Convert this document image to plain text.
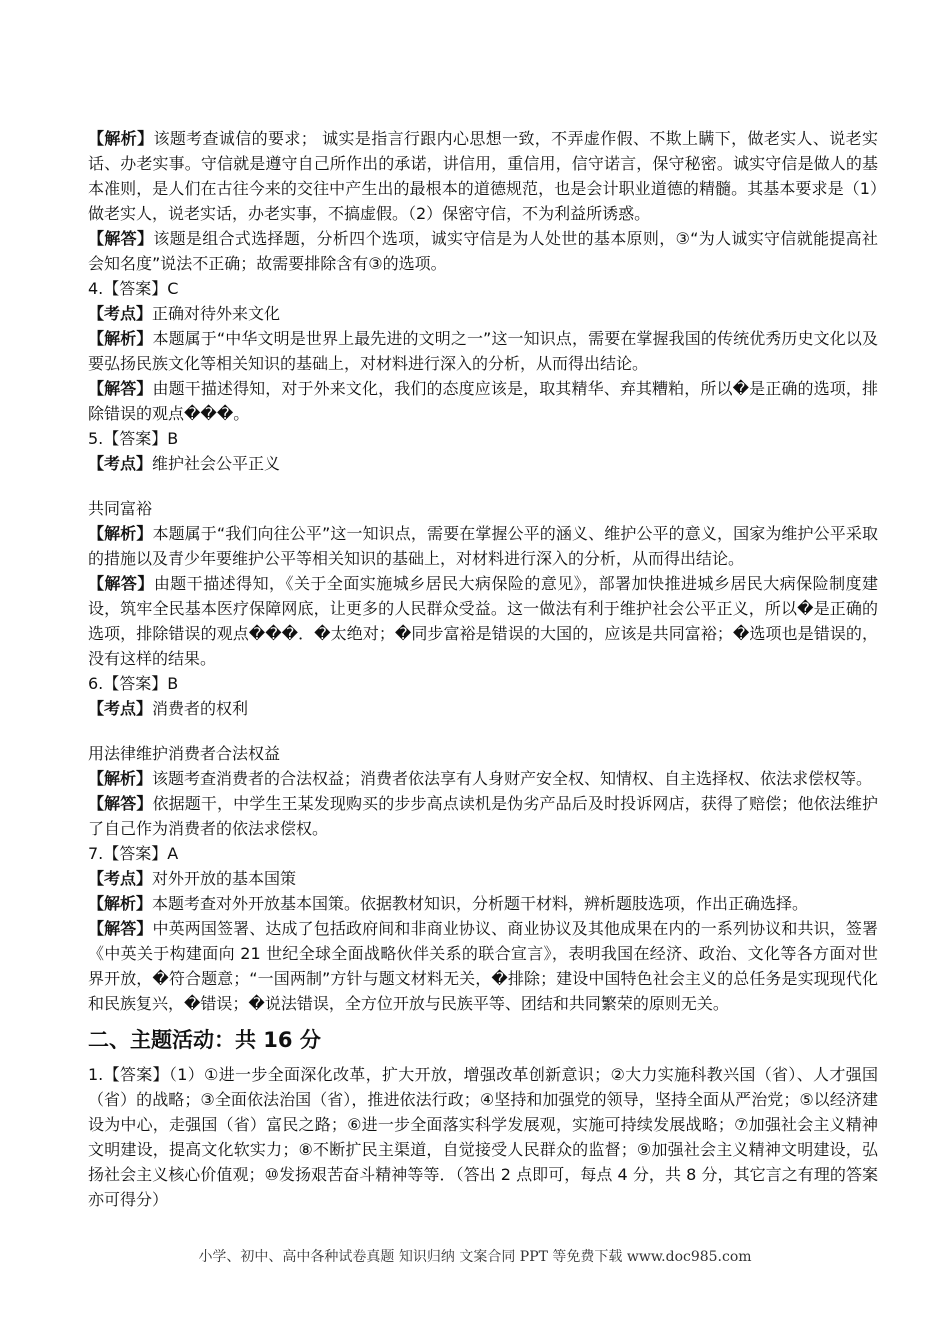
【解析】该题考查诚信的要求； 诚实是指言行跟内心思想一致，不弄虚作假、不欺上瞒下，做老实人、说老实话、办老实事。守信就是遵守自己所作出的承诺，讲信用，重信用，信守诺言，保守秘密。诚实守信是做人的基本准则，是人们在古往今来的交往中产生出的最根本的道德规范，也是会计职业道德的精髓。其基本要求是（1）做老实人，说老实话，办老实事，不搞虚假。（2）保密守信，不为利益所诱惑。

【解答】该题是组合式选择题，分析四个选项，诚实守信是为人处世的基本原则，③“为人诚实守信就能提高社会知名度”说法不正确；故需要排除含有③的选项。

4.【答案】C

【考点】正确对待外来文化

【解析】本题属于“中华文明是世界上最先进的文明之一”这一知识点，需要在掌握我国的传统优秀历史文化以及要弘扬民族文化等相关知识的基础上，对材料进行深入的分析，从而得出结论。

【解答】由题干描述得知，对于外来文化，我们的态度应该是，取其精华、弃其糟粕，所以�是正确的选项，排除错误的观点���。

5.【答案】B

【考点】维护社会公平正义

共同富裕

【解析】本题属于“我们向往公平”这一知识点，需要在掌握公平的涵义、维护公平的意义，国家为维护公平采取的措施以及青少年要维护公平等相关知识的基础上，对材料进行深入的分析，从而得出结论。

【解答】由题干描述得知，《关于全面实施城乡居民大病保险的意见》，部署加快推进城乡居民大病保险制度建设，筑牢全民基本医疗保障网底，让更多的人民群众受益。这一做法有利于维护社会公平正义，所以�是正确的选项，排除错误的观点���．�太绝对；�同步富裕是错误的大国的，应该是共同富裕；�选项也是错误的，没有这样的结果。

6.【答案】B

【考点】消费者的权利

用法律维护消费者合法权益

【解析】该题考查消费者的合法权益；消费者依法享有人身财产安全权、知情权、自主选择权、依法求偿权等。

【解答】依据题干，中学生王某发现购买的步步高点读机是伪劣产品后及时投诉网店，获得了赔偿；他依法维护了自己作为消费者的依法求偿权。

7.【答案】A

【考点】对外开放的基本国策

【解析】本题考查对外开放基本国策。依据教材知识，分析题干材料，辨析题肢选项，作出正确选择。

【解答】中英两国签署、达成了包括政府间和非商业协议、商业协议及其他成果在内的一系列协议和共识，签署《中英关于构建面向 21 世纪全球全面战略伙伴关系的联合宣言》，表明我国在经济、政治、文化等各方面对世界开放，�符合题意；“一国两制”方针与题文材料无关，�排除；建设中国特色社会主义的总任务是实现现代化和民族复兴，�错误；�说法错误，全方位开放与民族平等、团结和共同繁荣的原则无关。

二、主题活动：共 16 分

1.【答案】（1）①进一步全面深化改革，扩大开放，增强改革创新意识；②大力实施科教兴国（省）、人才强国（省）的战略；③全面依法治国（省），推进依法行政；④坚持和加强党的领导，坚持全面从严治党；⑤以经济建设为中心，走强国（省）富民之路；⑥进一步全面落实科学发展观，实施可持续发展战略；⑦加强社会主义精神文明建设，提高文化软实力；⑧不断扩民主渠道，自觉接受人民群众的监督；⑨加强社会主义精神文明建设，弘扬社会主义核心价值观；⑩发扬艰苦奋斗精神等等．（答出 2 点即可，每点 4 分，共 8 分，其它言之有理的答案亦可得分）

小学、初中、高中各种试卷真题 知识归纳 文案合同 PPT 等免费下载 www.doc985.com
